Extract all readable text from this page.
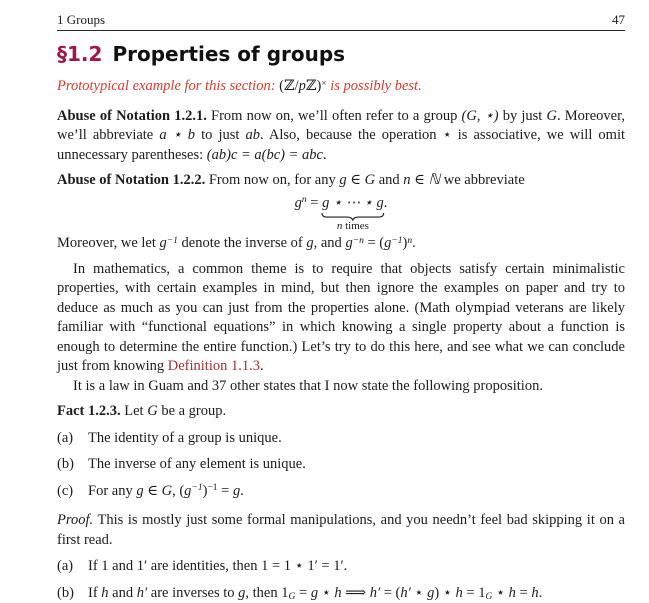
1 Groups	47
§1.2 Properties of groups

Prototypical example for this section: (ℤ/pℤ)× is possibly best.

Abuse of Notation 1.2.1. From now on, we’ll often refer to a group (G, ⋆) by just G. Moreover, we’ll abbreviate a ⋆ b to just ab. Also, because the operation ⋆ is associative, we will omit unnecessary parentheses: (ab)c = a(bc) = abc.

Abuse of Notation 1.2.2. From now on, for any g ∈ G and n ∈ ℕ we abbreviate

$g^n = g$ ⋆ ⋯ ⋆ g
n times
.

Moreover, we let $g^{-1}$ denote the inverse of g, and $g^{-n} = (g^{-1})^n$.

In mathematics, a common theme is to require that objects satisfy certain minimalistic properties, with certain examples in mind, but then ignore the examples on paper and try to deduce as much as you can just from the properties alone. (Math olympiad veterans are likely familiar with “functional equations” in which knowing a single property about a function is enough to determine the entire function.) Let’s try to do this here, and see what we can conclude just from knowing Definition 1.1.3.

It is a law in Guam and 37 other states that I now state the following proposition.

Fact 1.2.3. Let G be a group.

(a) The identity of a group is unique.
(b) The inverse of any element is unique.
(c) For any g ∈ G, $(g^{-1})^{-1} = g$.

Proof. This is mostly just some formal manipulations, and you needn’t feel bad skipping it on a first read.

(a) If 1 and 1′ are identities, then 1 = 1 ⋆ 1′ = 1′.
(b) If h and h′ are inverses to g, then $1_G = g$ ⋆ h ⟹ h′ = (h′ ⋆ g) ⋆ $h = 1_G$ ⋆ h = h.
